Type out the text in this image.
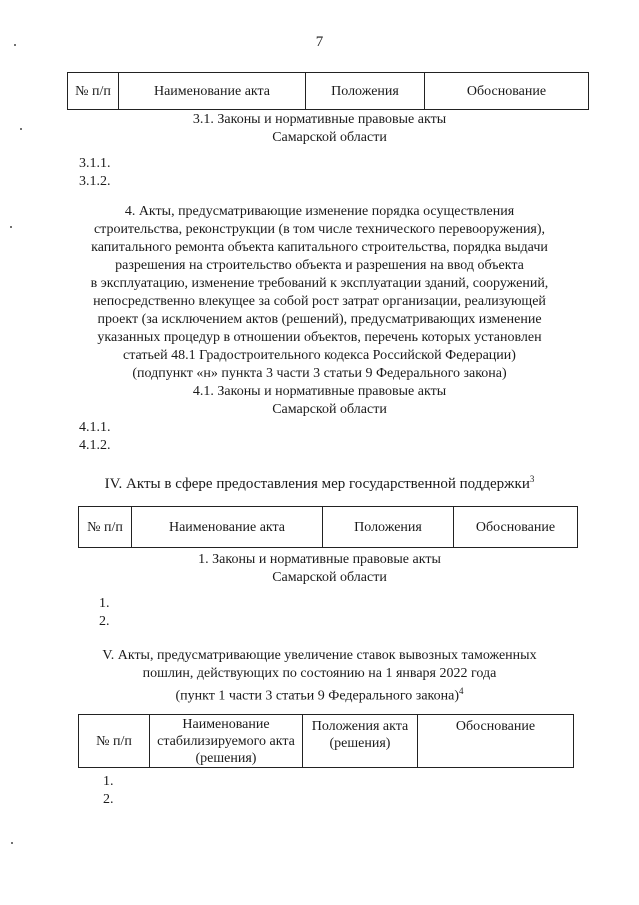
7
№ п/п	Наименование акта	Положения	Обоснование
3.1. Законы и нормативные правовые акты
Самарской области
3.1.1.
3.1.2.
4. Акты, предусматривающие изменение порядка осуществления
строительства, реконструкции (в том числе технического перевооружения),
капитального ремонта объекта капитального строительства, порядка выдачи
разрешения на строительство объекта и разрешения на ввод объекта
в эксплуатацию, изменение требований к эксплуатации зданий, сооружений,
непосредственно влекущее за собой рост затрат организации, реализующей
проект (за исключением актов (решений), предусматривающих изменение
указанных процедур в отношении объектов, перечень которых установлен
статьей 48.1 Градостроительного кодекса Российской Федерации)
(подпункт «н» пункта 3 части 3 статьи 9 Федерального закона)
4.1. Законы и нормативные правовые акты
Самарской области
4.1.1.
4.1.2.
IV. Акты в сфере предоставления мер государственной поддержки$^3$
№ п/п	Наименование акта	Положения	Обоснование
1. Законы и нормативные правовые акты
Самарской области
1.
2.
V. Акты, предусматривающие увеличение ставок вывозных таможенных
пошлин, действующих по состоянию на 1 января 2022 года
(пункт 1 части 3 статьи 9 Федерального закона)$^4$
№ п/п	Наименование стабилизируемого акта (решения)	Положения акта (решения)	Обоснование
1.
2.
